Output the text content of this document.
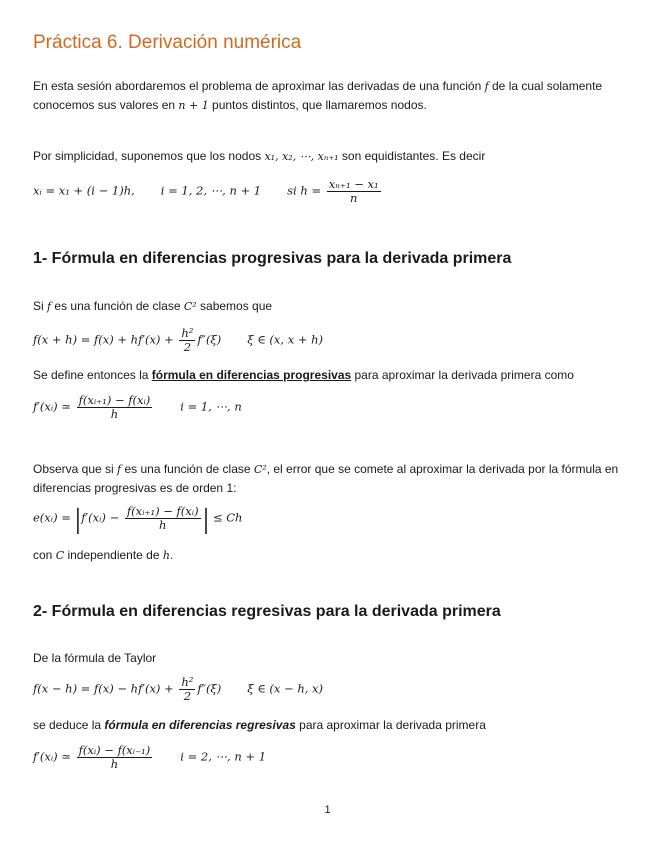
Práctica 6. Derivación numérica
En esta sesión abordaremos el problema de aproximar las derivadas de una función f de la cual solamente conocemos sus valores en n + 1 puntos distintos, que llamaremos nodos.
Por simplicidad, suponemos que los nodos x₁, x₂, ⋯, xₙ₊₁ son equidistantes. Es decir
xᵢ = x₁ + (i − 1)h, i = 1, 2, ⋯, n + 1 si $h = \frac{\text{xₙ₊₁ − x₁}}{n}$
1- Fórmula en diferencias progresivas para la derivada primera
Si f es una función de clase C² sabemos que
$f(x + h) = f(x) + hf'(x) + \frac{\text{h²}}{2} f''(\xi)$ ξ ∈ (x, x + h)
Se define entonces la fórmula en diferencias progresivas para aproximar la derivada primera como
f′(xᵢ) ≃ $\frac{\text{f(xᵢ₊₁) − f(xᵢ)}}{h}$ i = 1, ⋯, n
Observa que si f es una función de clase C², el error que se comete al aproximar la derivada por la fórmula en diferencias progresivas es de orden 1:
e(xᵢ) = |f′(xᵢ) − $\frac{\text{f(xᵢ₊₁) − f(xᵢ)}}{h}$ | ≤ Ch
con C independiente de h.
2- Fórmula en diferencias regresivas para la derivada primera
De la fórmula de Taylor
$f(x - h) = f(x) - hf'(x) + \frac{\text{h²}}{2} f''(\xi)$ ξ ∈ (x − h, x)
se deduce la fórmula en diferencias regresivas para aproximar la derivada primera
f′(xᵢ) ≃ $\frac{\text{f(xᵢ) − f(xᵢ₋₁)}}{h}$ i = 2, ⋯, n + 1
1
